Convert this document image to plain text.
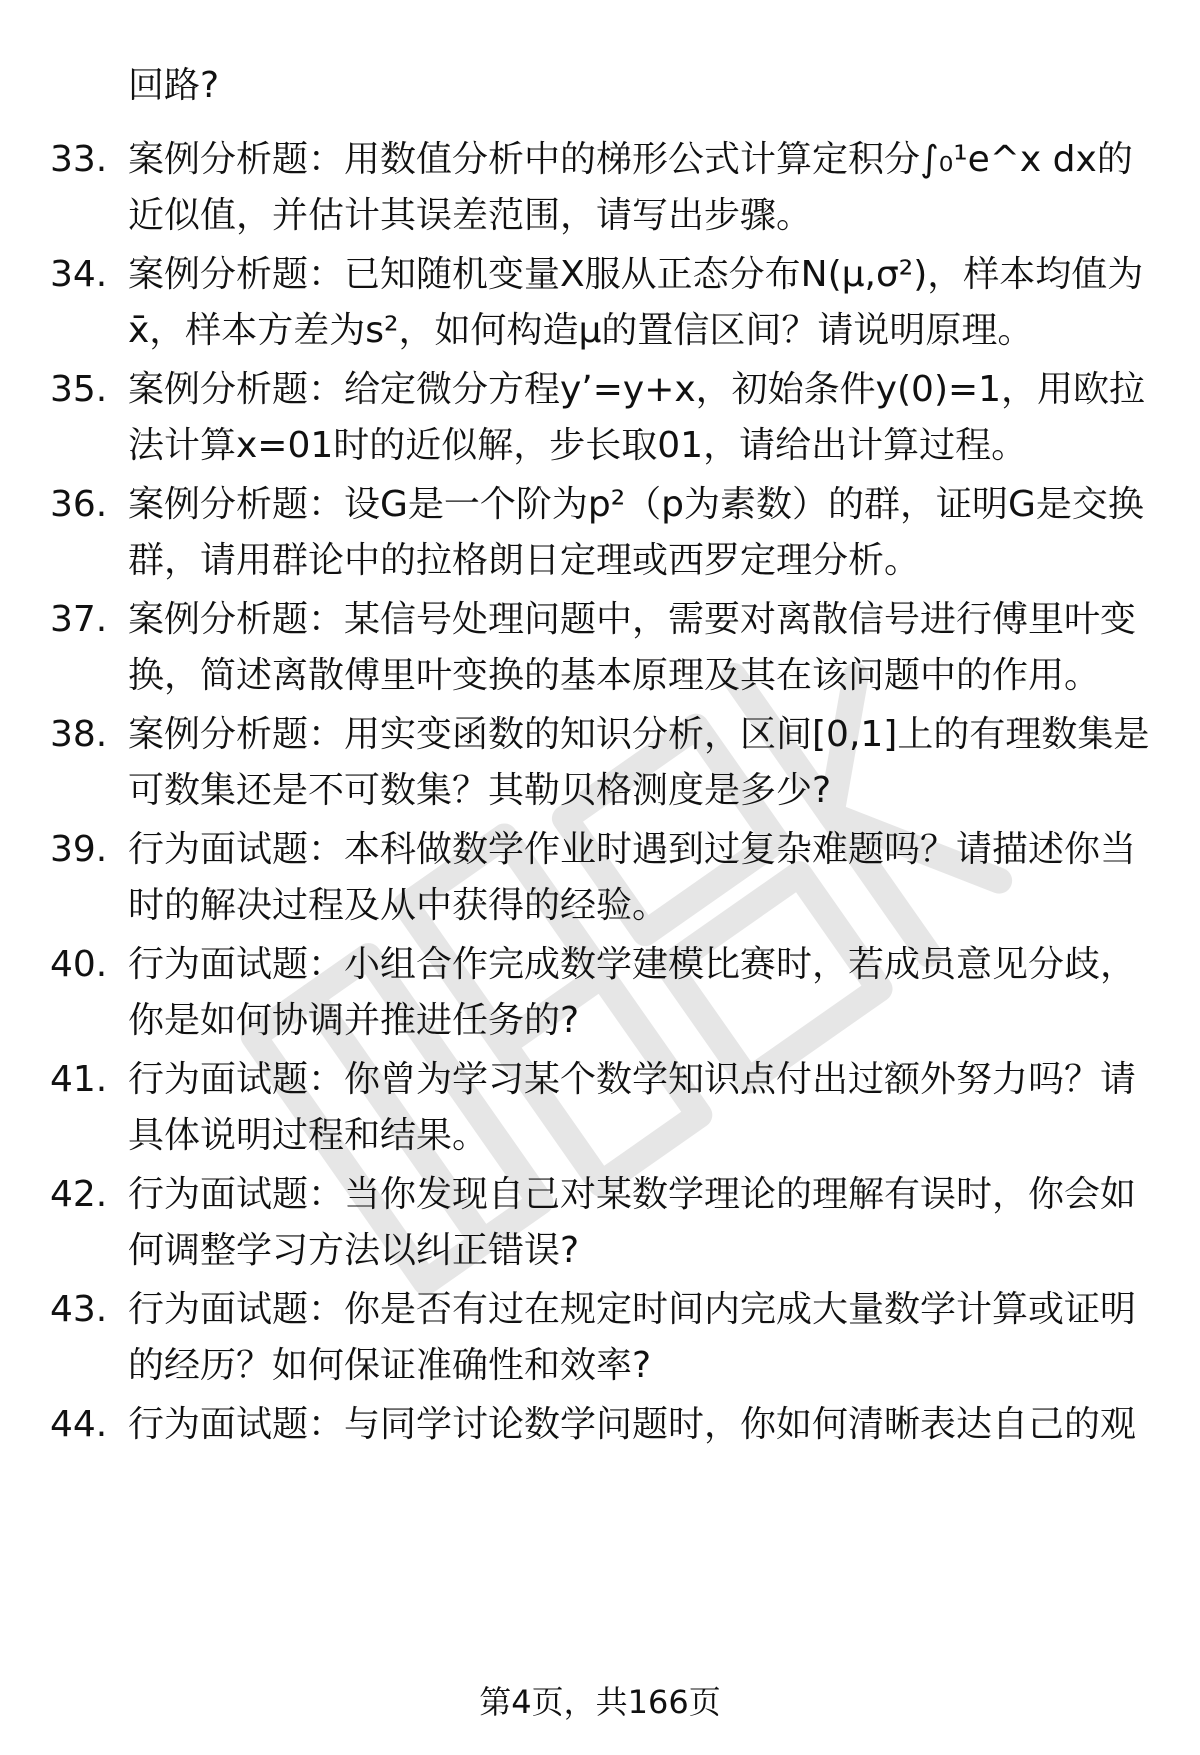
回路?
33. 案例分析题：用数值分析中的梯形公式计算定积分∫₀¹e^x dx的
近似值，并估计其误差范围，请写出步骤。
34. 案例分析题：已知随机变量X服从正态分布N(μ,σ²)，样本均值为
x̄，样本方差为s²，如何构造μ的置信区间？请说明原理。
35. 案例分析题：给定微分方程y’=y+x，初始条件y(0)=1，用欧拉
法计算x=01时的近似解，步长取01，请给出计算过程。
36. 案例分析题：设G是一个阶为p²（p为素数）的群，证明G是交换
群，请用群论中的拉格朗日定理或西罗定理分析。
37. 案例分析题：某信号处理问题中，需要对离散信号进行傅里叶变
换，简述离散傅里叶变换的基本原理及其在该问题中的作用。
38. 案例分析题：用实变函数的知识分析，区间[0,1]上的有理数集是
可数集还是不可数集？其勒贝格测度是多少?
39. 行为面试题：本科做数学作业时遇到过复杂难题吗？请描述你当
时的解决过程及从中获得的经验。
40. 行为面试题：小组合作完成数学建模比赛时，若成员意见分歧，
你是如何协调并推进任务的?
41. 行为面试题：你曾为学习某个数学知识点付出过额外努力吗？请
具体说明过程和结果。
42. 行为面试题：当你发现自己对某数学理论的理解有误时，你会如
何调整学习方法以纠正错误?
43. 行为面试题：你是否有过在规定时间内完成大量数学计算或证明
的经历？如何保证准确性和效率?
44. 行为面试题：与同学讨论数学问题时，你如何清晰表达自己的观
第4页，共166页
